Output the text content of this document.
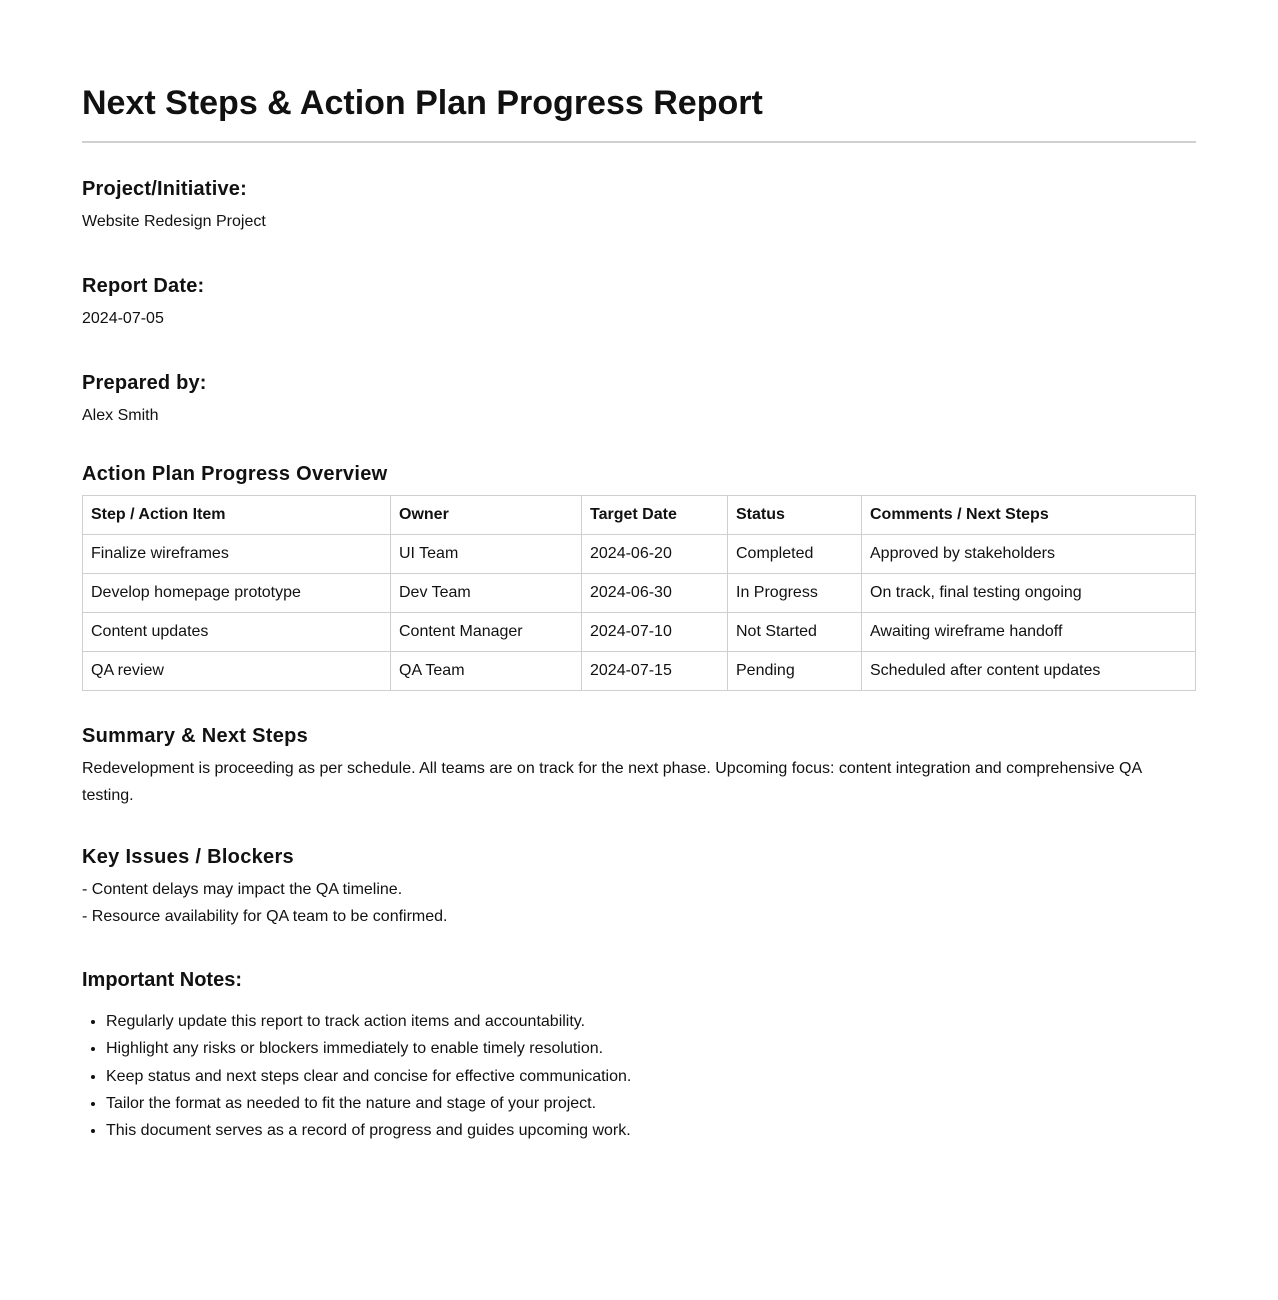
Next Steps & Action Plan Progress Report
Project/Initiative:
Website Redesign Project
Report Date:
2024-07-05
Prepared by:
Alex Smith
Action Plan Progress Overview
Step / Action Item	Owner	Target Date	Status	Comments / Next Steps
Finalize wireframes	UI Team	2024-06-20	Completed	Approved by stakeholders
Develop homepage prototype	Dev Team	2024-06-30	In Progress	On track, final testing ongoing
Content updates	Content Manager	2024-07-10	Not Started	Awaiting wireframe handoff
QA review	QA Team	2024-07-15	Pending	Scheduled after content updates
Summary & Next Steps
Redevelopment is proceeding as per schedule. All teams are on track for the next phase. Upcoming focus: content integration and comprehensive QA testing.
Key Issues / Blockers
- Content delays may impact the QA timeline.
- Resource availability for QA team to be confirmed.
Important Notes:
• Regularly update this report to track action items and accountability.
• Highlight any risks or blockers immediately to enable timely resolution.
• Keep status and next steps clear and concise for effective communication.
• Tailor the format as needed to fit the nature and stage of your project.
• This document serves as a record of progress and guides upcoming work.
